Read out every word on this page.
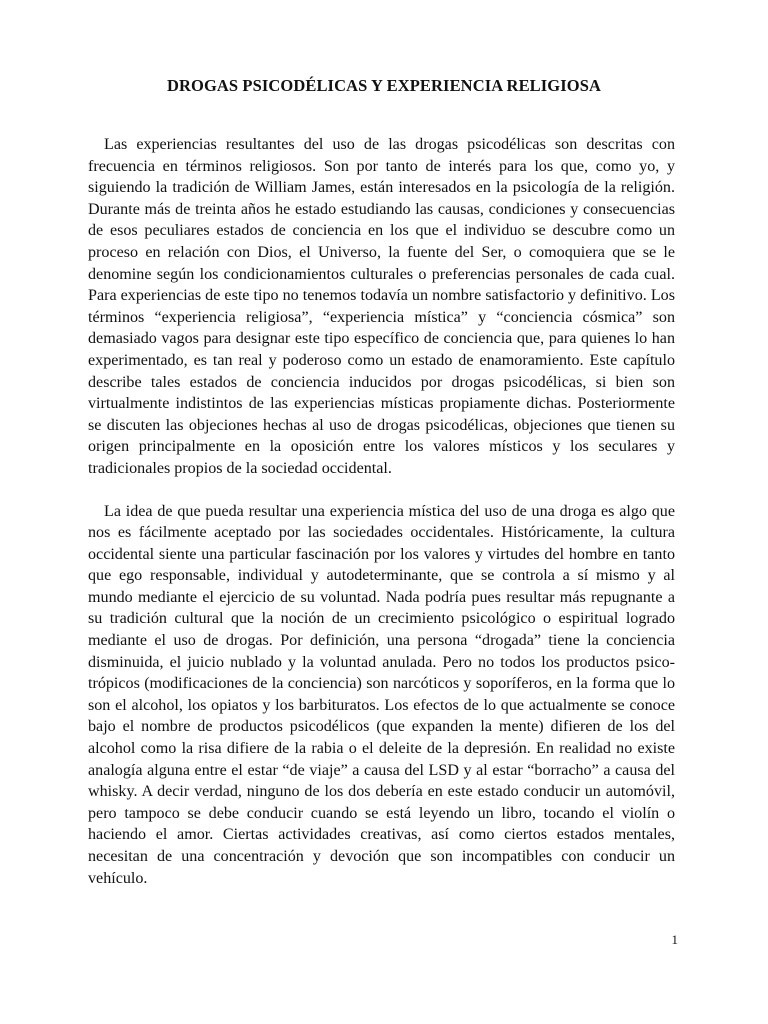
DROGAS PSICODÉLICAS Y EXPERIENCIA RELIGIOSA

Las experiencias resultantes del uso de las drogas psicodélicas son descritas con frecuencia en términos religiosos. Son por tanto de interés para los que, como yo, y siguiendo la tradición de William James, están interesados en la psicología de la religión. Durante más de treinta años he estado estudiando las causas, condiciones y consecuencias de esos peculiares estados de conciencia en los que el individuo se descubre como un proceso en relación con Dios, el Universo, la fuente del Ser, o comoquiera que se le denomine según los condicionamientos culturales o preferencias personales de cada cual. Para experiencias de este tipo no tenemos todavía un nombre satisfactorio y definitivo. Los términos “experiencia religiosa”, “experiencia mística” y “conciencia cósmica” son demasiado vagos para designar este tipo específico de conciencia que, para quienes lo han experimentado, es tan real y poderoso como un estado de enamoramiento. Este capítulo describe tales estados de conciencia inducidos por drogas psicodélicas, si bien son virtualmente indistintos de las experiencias místicas propiamente dichas. Posteriormente se discuten las objeciones hechas al uso de drogas psicodélicas, objeciones que tienen su origen principalmente en la oposición entre los valores místicos y los seculares y tradicionales propios de la sociedad occidental.

La idea de que pueda resultar una experiencia mística del uso de una droga es algo que nos es fácilmente aceptado por las sociedades occidentales. Históricamente, la cultura occidental siente una particular fascinación por los valores y virtudes del hombre en tanto que ego responsable, individual y autodeterminante, que se controla a sí mismo y al mundo mediante el ejercicio de su voluntad. Nada podría pues resultar más repugnante a su tradición cultural que la noción de un crecimiento psicológico o espiritual logrado mediante el uso de drogas. Por definición, una persona “drogada” tiene la conciencia disminuida, el juicio nublado y la voluntad anulada. Pero no todos los productos psico-trópicos (modificaciones de la conciencia) son narcóticos y soporíferos, en la forma que lo son el alcohol, los opiatos y los barbituratos. Los efectos de lo que actualmente se conoce bajo el nombre de productos psicodélicos (que expanden la mente) difieren de los del alcohol como la risa difiere de la rabia o el deleite de la depresión. En realidad no existe analogía alguna entre el estar “de viaje” a causa del LSD y al estar “borracho” a causa del whisky. A decir verdad, ninguno de los dos debería en este estado conducir un automóvil, pero tampoco se debe conducir cuando se está leyendo un libro, tocando el violín o haciendo el amor. Ciertas actividades creativas, así como ciertos estados mentales, necesitan de una concentración y devoción que son incompatibles con conducir un vehículo.

1
